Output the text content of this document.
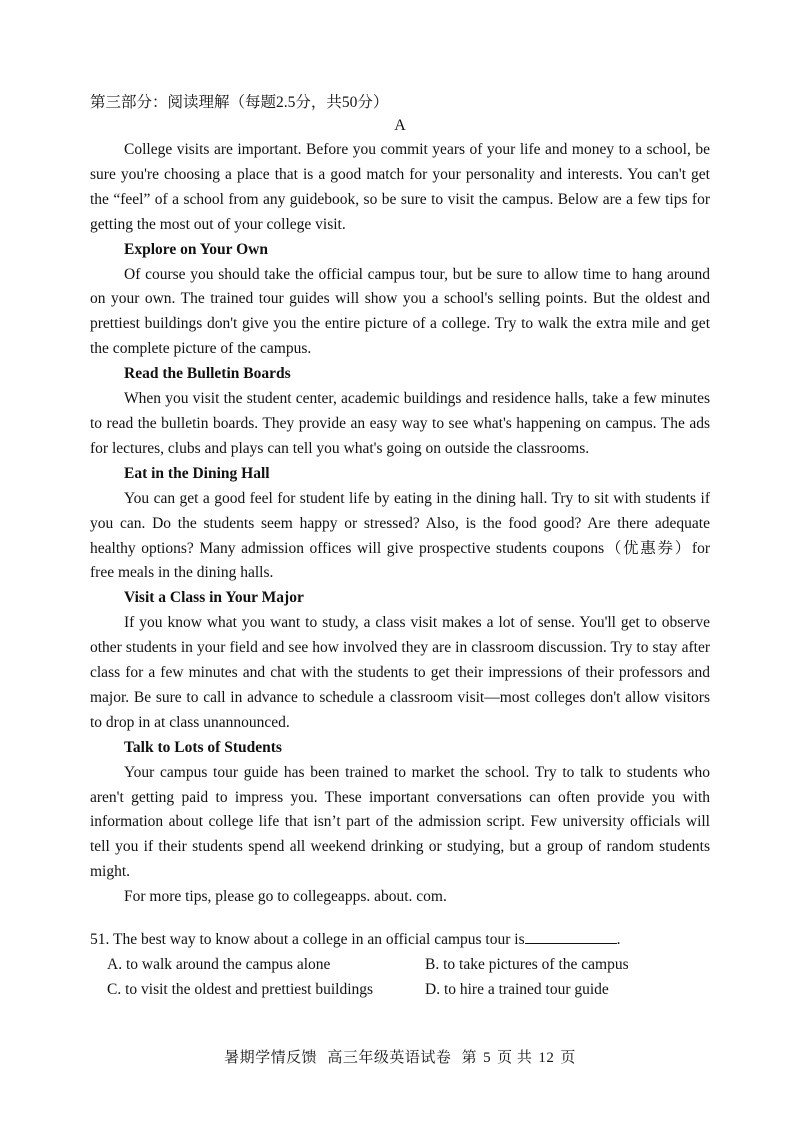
第三部分：阅读理解（每题2.5分，共50分）

A

College visits are important. Before you commit years of your life and money to a school, be sure you're choosing a place that is a good match for your personality and interests. You can't get the “feel” of a school from any guidebook, so be sure to visit the campus. Below are a few tips for getting the most out of your college visit.

Explore on Your Own

Of course you should take the official campus tour, but be sure to allow time to hang around on your own. The trained tour guides will show you a school's selling points. But the oldest and prettiest buildings don't give you the entire picture of a college. Try to walk the extra mile and get the complete picture of the campus.

Read the Bulletin Boards

When you visit the student center, academic buildings and residence halls, take a few minutes to read the bulletin boards. They provide an easy way to see what's happening on campus. The ads for lectures, clubs and plays can tell you what's going on outside the classrooms.

Eat in the Dining Hall

You can get a good feel for student life by eating in the dining hall. Try to sit with students if you can. Do the students seem happy or stressed? Also, is the food good? Are there adequate healthy options? Many admission offices will give prospective students coupons（优惠券）for free meals in the dining halls.

Visit a Class in Your Major

If you know what you want to study, a class visit makes a lot of sense. You'll get to observe other students in your field and see how involved they are in classroom discussion. Try to stay after class for a few minutes and chat with the students to get their impressions of their professors and major. Be sure to call in advance to schedule a classroom visit—most colleges don't allow visitors to drop in at class unannounced.

Talk to Lots of Students

Your campus tour guide has been trained to market the school. Try to talk to students who aren't getting paid to impress you. These important conversations can often provide you with information about college life that isn’t part of the admission script. Few university officials will tell you if their students spend all weekend drinking or studying, but a group of random students might.

For more tips, please go to collegeapps. about. com.

51. The best way to know about a college in an official campus tour is	.

A. to walk around the campus alone	B. to take pictures of the campus
C. to visit the oldest and prettiest buildings	D. to hire a trained tour guide
暑期学情反馈 高三年级英语试卷 第 5 页 共 12 页
